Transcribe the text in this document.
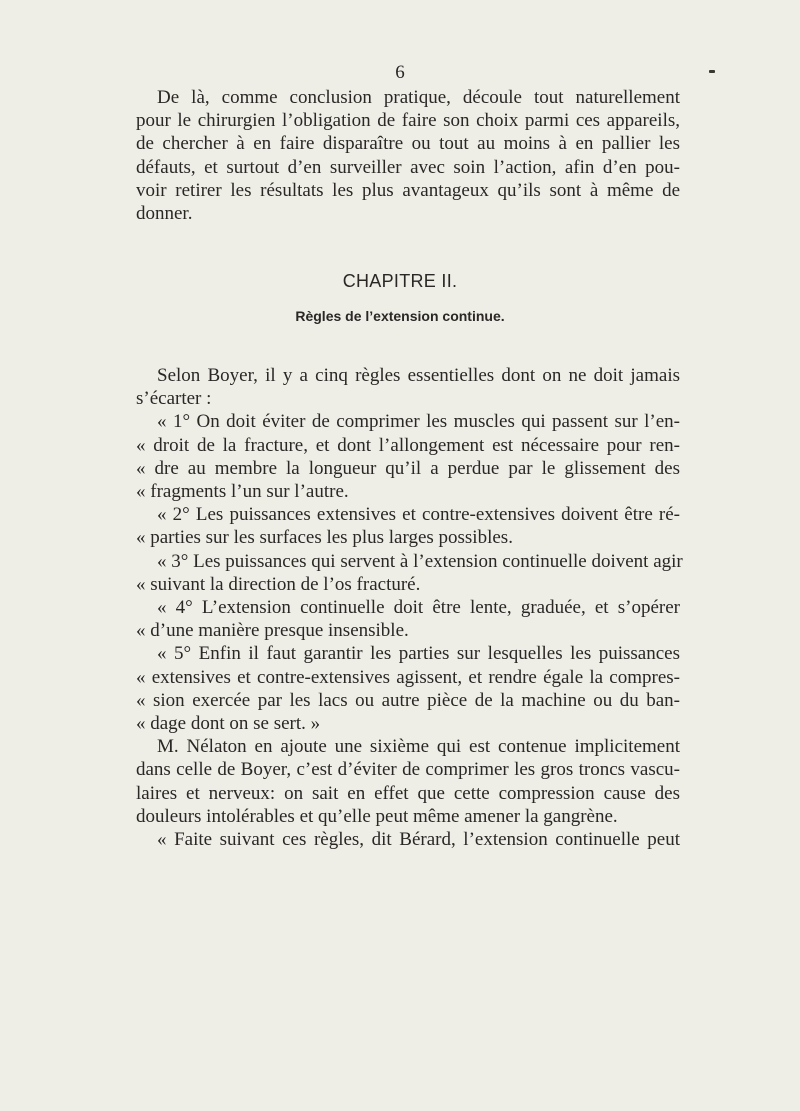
6
De là, comme conclusion pratique, découle tout naturellement
pour le chirurgien l’obligation de faire son choix parmi ces appareils,
de chercher à en faire disparaître ou tout au moins à en pallier les
défauts, et surtout d’en surveiller avec soin l’action, afin d’en pou-
voir retirer les résultats les plus avantageux qu’ils sont à même de
donner.
CHAPITRE II.
Règles de l’extension continue.
Selon Boyer, il y a cinq règles essentielles dont on ne doit jamais
s’écarter :
« 1° On doit éviter de comprimer les muscles qui passent sur l’en-
« droit de la fracture, et dont l’allongement est nécessaire pour ren-
« dre au membre la longueur qu’il a perdue par le glissement des
« fragments l’un sur l’autre.
« 2° Les puissances extensives et contre-extensives doivent être ré-
« parties sur les surfaces les plus larges possibles.
« 3° Les puissances qui servent à l’extension continuelle doivent agir
« suivant la direction de l’os fracturé.
« 4° L’extension continuelle doit être lente, graduée, et s’opérer
« d’une manière presque insensible.
« 5° Enfin il faut garantir les parties sur lesquelles les puissances
« extensives et contre-extensives agissent, et rendre égale la compres-
« sion exercée par les lacs ou autre pièce de la machine ou du ban-
« dage dont on se sert. »
M. Nélaton en ajoute une sixième qui est contenue implicitement
dans celle de Boyer, c’est d’éviter de comprimer les gros troncs vascu-
laires et nerveux: on sait en effet que cette compression cause des
douleurs intolérables et qu’elle peut même amener la gangrène.
« Faite suivant ces règles, dit Bérard, l’extension continuelle peut
